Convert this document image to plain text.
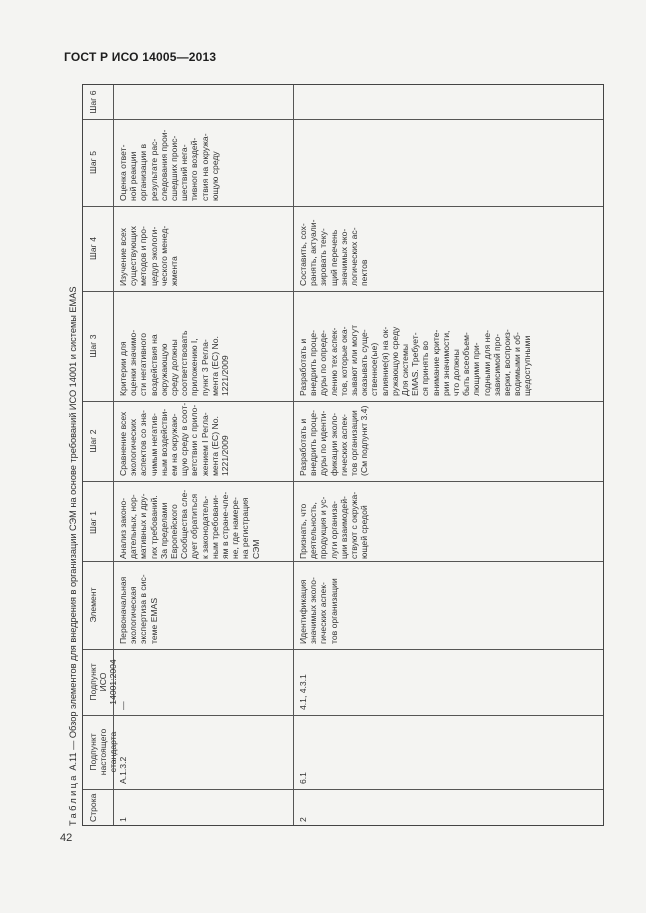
ГОСТ Р ИСО 14005—2013
Таблица А.11 — Обзор элементов для внедрения в организации СЭМ на основе требований ИСО 14001 и системы EMAS
Строка
Подпункт настоящего стандарта
Подпункт ИСО 14001:2004
Элемент
Шаг 1
Шаг 2
Шаг 3
Шаг 4
Шаг 5
Шаг 6
1
A.1.3.2
—
Первоначальная экологическая экспертиза в сис- теме EMAS
Анализ законо- дательных, нор- мативных и дру- гих требований. За пределами Европейского Сообщества сле- дует обратиться к законодатель- ным требовани- ям в стране-чле- не, где намере- на регистрация СЭМ
Сравнение всех экологических аспектов со зна- чимым негатив- ным воздействи- ем на окружаю- щую среду в соот- ветствии с прило- жением I Регла- мента (ЕС) No. 1221/2009
Критерии для оценки значимо- сти негативного воздействия на окружающую среду должны соответствовать приложению I, пункт 3 Регла- мента (ЕС) No. 1221/2009
Изучение всех существующих методов и про- цедур экологи- ческого менед- жмента
Оценка ответ- ной реакции организации в результате рас- следования прои- сшедших проис- шествий нега- тивного воздей- ствия на окружа- ющую среду
2
6.1
4.1, 4.3.1
Идентификация значимых эколо- гических аспек- тов организации
Признать, что деятельность, продукция и ус- луги организа- ции взаимодей- ствуют с окружа- ющей средой
Разработать и внедрить проце- дуры по иденти- фикации эколо- гических аспек- тов организации (См подпункт 3.4)
Разработать и внедрить проце- дуры по опреде- лению тех аспек- тов, которые ока- зывают или могут оказывать суще- ственное(ые) влияние(я) на ок- ружающую среду Для системы EMAS. Требует- ся принять во внимание крите- рии значимости, что должны быть всеобъем- лющими при- годными для не- зависимой про- верки, воспроиз- водимыми и об- щедоступными
Составить, сох- ранять, актуали- зировать теку- щий перечень значимых эко- логических ас- пектов
42
